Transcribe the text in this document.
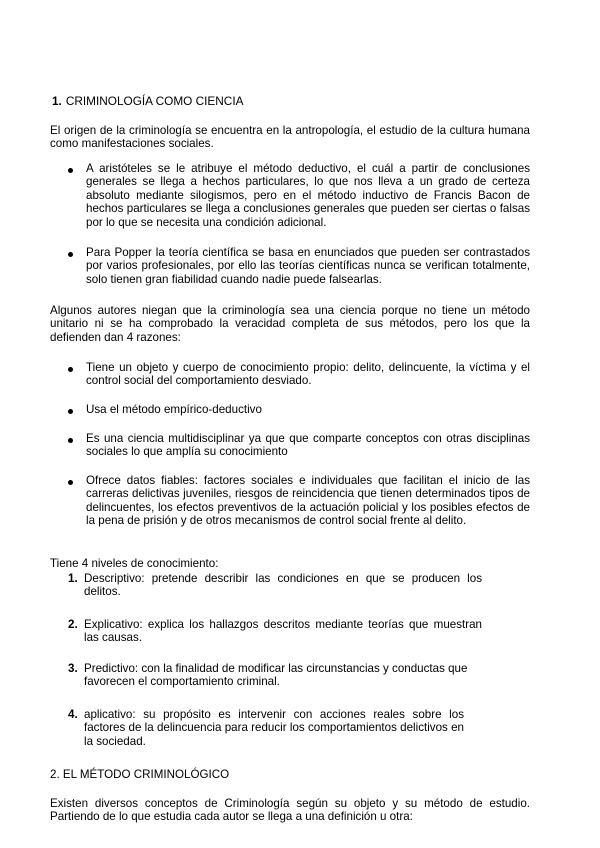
1. CRIMINOLOGÍA COMO CIENCIA

El origen de la criminología se encuentra en la antropología, el estudio de la cultura humana como manifestaciones sociales.

A aristóteles se le atribuye el método deductivo, el cuál a partir de conclusiones generales se llega a hechos particulares, lo que nos lleva a un grado de certeza absoluto mediante silogismos, pero en el método inductivo de Francis Bacon de hechos particulares se llega a conclusiones generales que pueden ser ciertas o falsas por lo que se necesita una condición adicional.

Para Popper la teoría científica se basa en enunciados que pueden ser contrastados por varios profesionales, por ello las teorías científicas nunca se verifican totalmente, solo tienen gran fiabilidad cuando nadie puede falsearlas.

Algunos autores niegan que la criminología sea una ciencia porque no tiene un método unitario ni se ha comprobado la veracidad completa de sus métodos, pero los que la defienden dan 4 razones:

Tiene un objeto y cuerpo de conocimiento propio: delito, delincuente, la víctima y el control social del comportamiento desviado.

Usa el método empírico-deductivo

Es una ciencia multidisciplinar ya que que comparte conceptos con otras disciplinas sociales lo que amplía su conocimiento

Ofrece datos fiables: factores sociales e individuales que facilitan el inicio de las carreras delictivas juveniles, riesgos de reincidencia que tienen determinados tipos de delincuentes, los efectos preventivos de la actuación policial y los posibles efectos de la pena de prisión y de otros mecanismos de control social frente al delito.

Tiene 4 niveles de conocimiento:

1. Descriptivo: pretende describir las condiciones en que se producen los delitos.

2. Explicativo: explica los hallazgos descritos mediante teorías que muestran las causas.

3. Predictivo: con la finalidad de modificar las circunstancias y conductas que favorecen el comportamiento criminal.

4. aplicativo: su propósito es intervenir con acciones reales sobre los factores de la delincuencia para reducir los comportamientos delictivos en la sociedad.

2. EL MÉTODO CRIMINOLÓGICO

Existen diversos conceptos de Criminología según su objeto y su método de estudio. Partiendo de lo que estudia cada autor se llega a una definición u otra:
